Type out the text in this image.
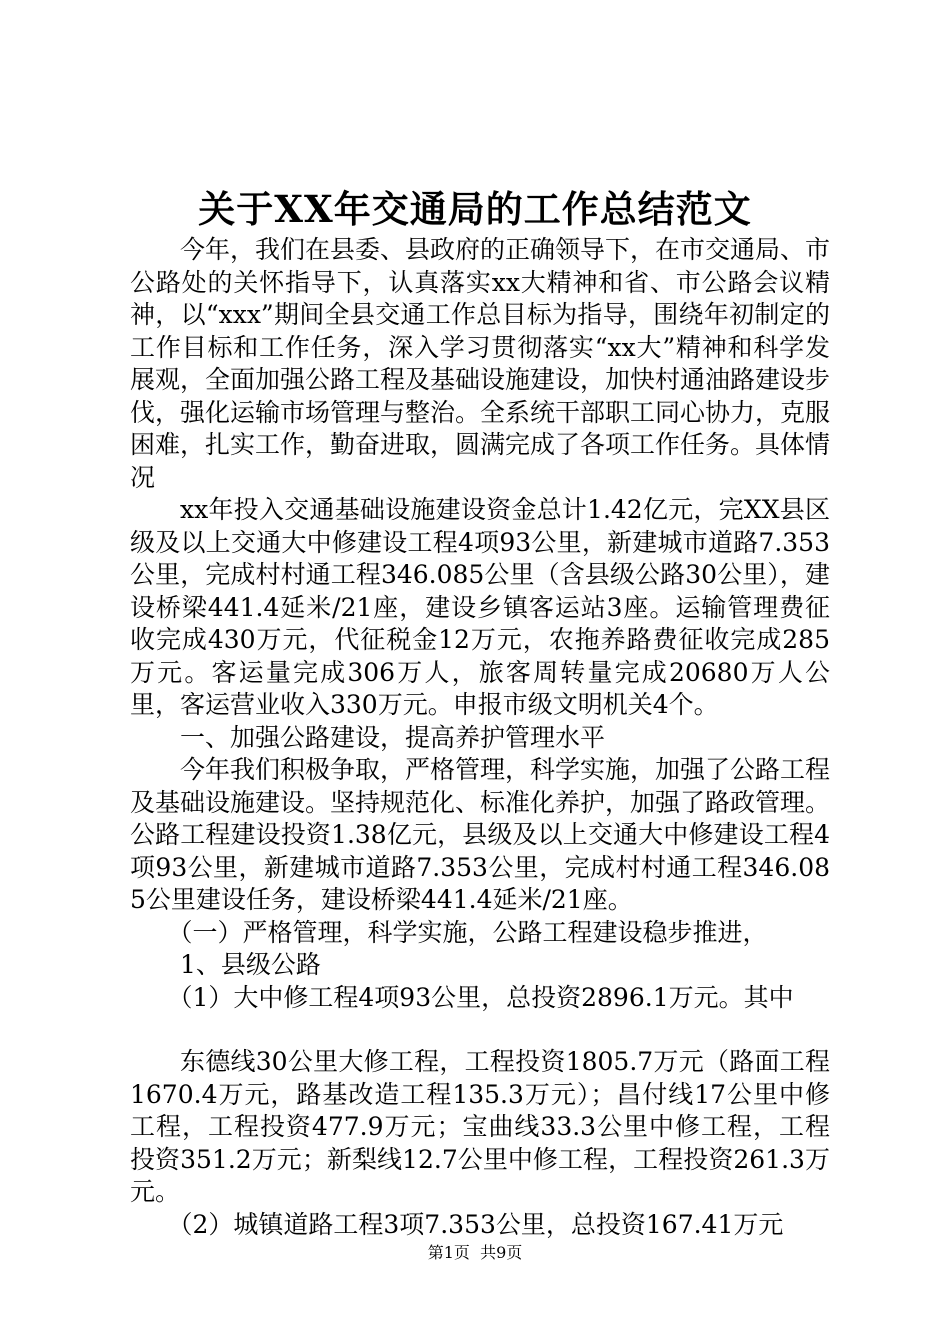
关于XX年交通局的工作总结范文

今年，我们在县委、县政府的正确领导下，在市交通局、市公路处的关怀指导下，认真落实xx大精神和省、市公路会议精神，以“xxx”期间全县交通工作总目标为指导，围绕年初制定的工作目标和工作任务，深入学习贯彻落实“xx大”精神和科学发展观，全面加强公路工程及基础设施建设，加快村通油路建设步伐，强化运输市场管理与整治。全系统干部职工同心协力，克服困难，扎实工作，勤奋进取，圆满完成了各项工作任务。具体情况

xx年投入交通基础设施建设资金总计1.42亿元，完XX县区级及以上交通大中修建设工程4项93公里，新建城市道路7.353公里，完成村村通工程346.085公里（含县级公路30公里），建设桥梁441.4延米/21座，建设乡镇客运站3座。运输管理费征收完成430万元，代征税金12万元，农拖养路费征收完成285万元。客运量完成306万人，旅客周转量完成20680万人公里，客运营业收入330万元。申报市级文明机关4个。

一、加强公路建设，提高养护管理水平

今年我们积极争取，严格管理，科学实施，加强了公路工程及基础设施建设。坚持规范化、标准化养护，加强了路政管理。公路工程建设投资1.38亿元，县级及以上交通大中修建设工程4项93公里，新建城市道路7.353公里，完成村村通工程346.085公里建设任务，建设桥梁441.4延米/21座。

（一）严格管理，科学实施，公路工程建设稳步推进，

1、县级公路

（1）大中修工程4项93公里，总投资2896.1万元。其中

东德线30公里大修工程，工程投资1805.7万元（路面工程1670.4万元，路基改造工程135.3万元）；昌付线17公里中修工程，工程投资477.9万元；宝曲线33.3公里中修工程，工程投资351.2万元；新梨线12.7公里中修工程，工程投资261.3万元。

（2）城镇道路工程3项7.353公里，总投资167.41万元

第1页  共9页
